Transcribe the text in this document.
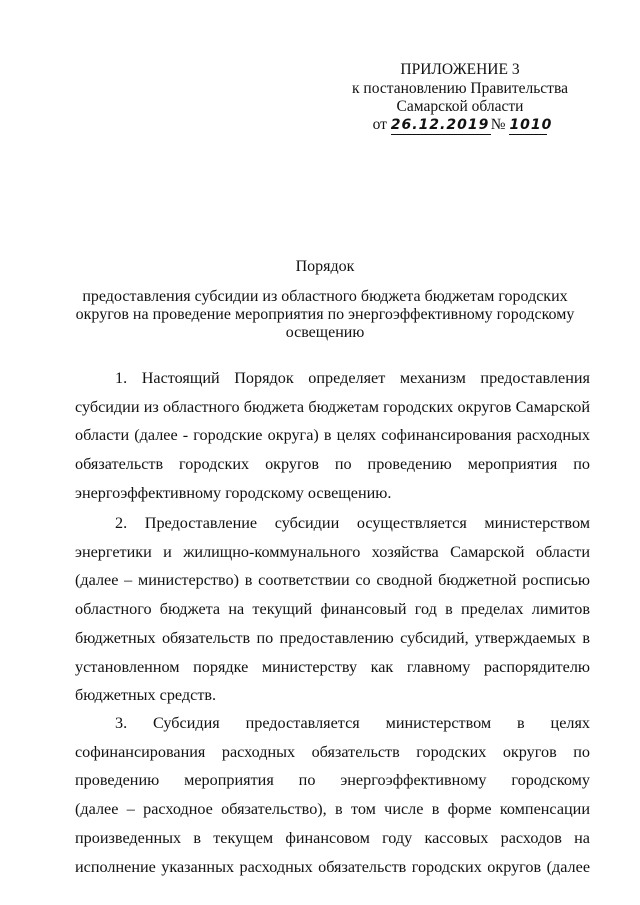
ПРИЛОЖЕНИЕ 3
к постановлению Правительства
Самарской области
от 26.12.2019№ 1010
Порядок
предоставления субсидии из областного бюджета бюджетам городских
округов на проведение мероприятия по энергоэффективному городскому
освещению
1. Настоящий Порядок определяет механизм предоставления
субсидии из областного бюджета бюджетам городских округов Самарской
области (далее - городские округа) в целях софинансирования расходных
обязательств городских округов по проведению мероприятия по
энергоэффективному городскому освещению.
2. Предоставление субсидии осуществляется министерством
энергетики и жилищно-коммунального хозяйства Самарской области
(далее – министерство) в соответствии со сводной бюджетной росписью
областного бюджета на текущий финансовый год в пределах лимитов
бюджетных обязательств по предоставлению субсидий, утверждаемых в
установленном порядке министерству как главному распорядителю
бюджетных средств.
3. Субсидия предоставляется министерством в целях
софинансирования расходных обязательств городских округов по
проведению мероприятия по энергоэффективному городскому
(далее – расходное обязательство), в том числе в форме компенсации
произведенных в текущем финансовом году кассовых расходов на
исполнение указанных расходных обязательств городских округов (далее
